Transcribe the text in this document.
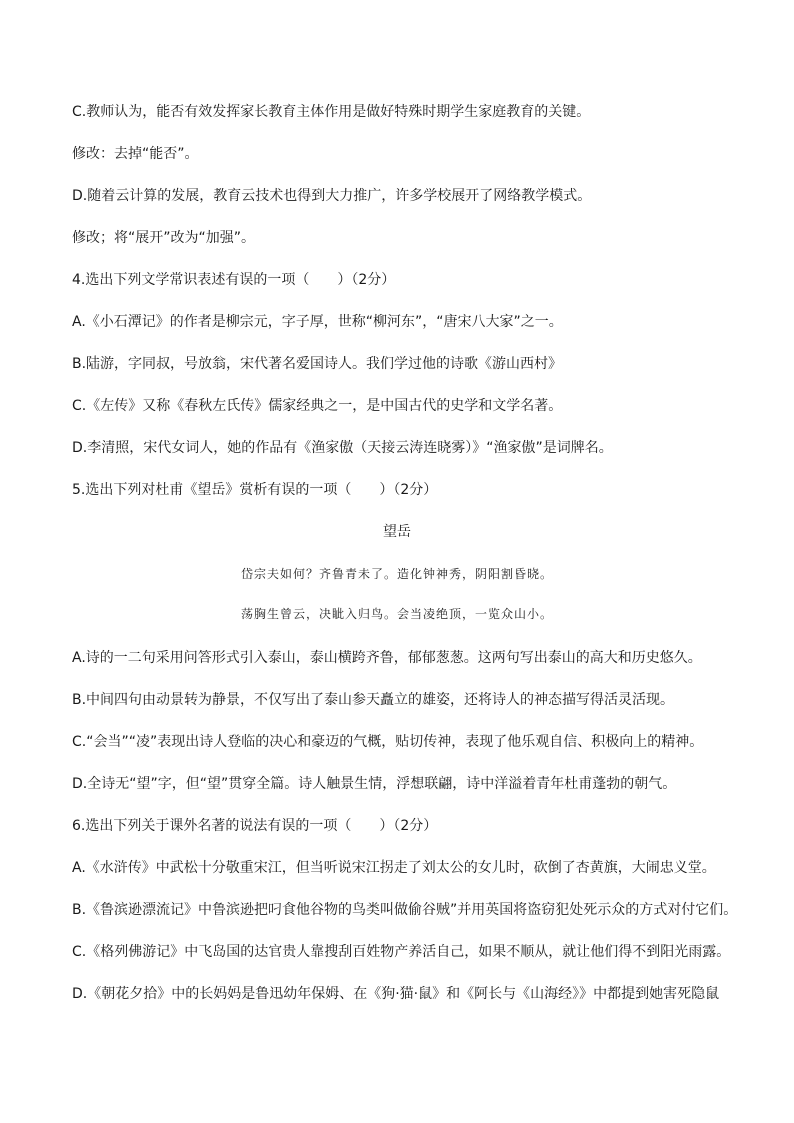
C.教师认为，能否有效发挥家长教育主体作用是做好特殊时期学生家庭教育的关键。
修改：去掉“能否”。
D.随着云计算的发展，教育云技术也得到大力推广，许多学校展开了网络教学模式。
修改；将“展开”改为“加强”。
4.选出下列文学常识表述有误的一项（　　）（2分）
A.《小石潭记》的作者是柳宗元，字子厚，世称“柳河东”，“唐宋八大家”之一。
B.陆游，字同叔，号放翁，宋代著名爱国诗人。我们学过他的诗歌《游山西村》
C.《左传》又称《春秋左氏传》儒家经典之一，是中国古代的史学和文学名著。
D.李清照，宋代女词人，她的作品有《渔家傲（天接云涛连晓雾）》“渔家傲”是词牌名。
5.选出下列对杜甫《望岳》赏析有误的一项（　　）（2分）
望岳
岱宗夫如何？齐鲁青未了。造化钟神秀，阴阳割昏晓。
荡胸生曾云，决眦入归鸟。会当凌绝顶，一览众山小。
A.诗的一二句采用问答形式引入泰山，泰山横跨齐鲁，郁郁葱葱。这两句写出泰山的高大和历史悠久。
B.中间四句由动景转为静景，不仅写出了泰山参天矗立的雄姿，还将诗人的神态描写得活灵活现。
C.“会当”“凌”表现出诗人登临的决心和豪迈的气概，贴切传神，表现了他乐观自信、积极向上的精神。
D.全诗无“望”字，但“望”贯穿全篇。诗人触景生情，浮想联翩，诗中洋溢着青年杜甫蓬勃的朝气。
6.选出下列关于课外名著的说法有误的一项（　　）（2分）
A.《水浒传》中武松十分敬重宋江，但当听说宋江拐走了刘太公的女儿时，砍倒了杏黄旗，大闹忠义堂。
B.《鲁滨逊漂流记》中鲁滨逊把叼食他谷物的鸟类叫做偷谷贼”并用英国将盗窃犯处死示众的方式对付它们。
C.《格列佛游记》中飞岛国的达官贵人靠搜刮百姓物产养活自己，如果不顺从，就让他们得不到阳光雨露。
D.《朝花夕拾》中的长妈妈是鲁迅幼年保姆、在《狗·猫·鼠》和《阿长与《山海经》》中都提到她害死隐鼠
